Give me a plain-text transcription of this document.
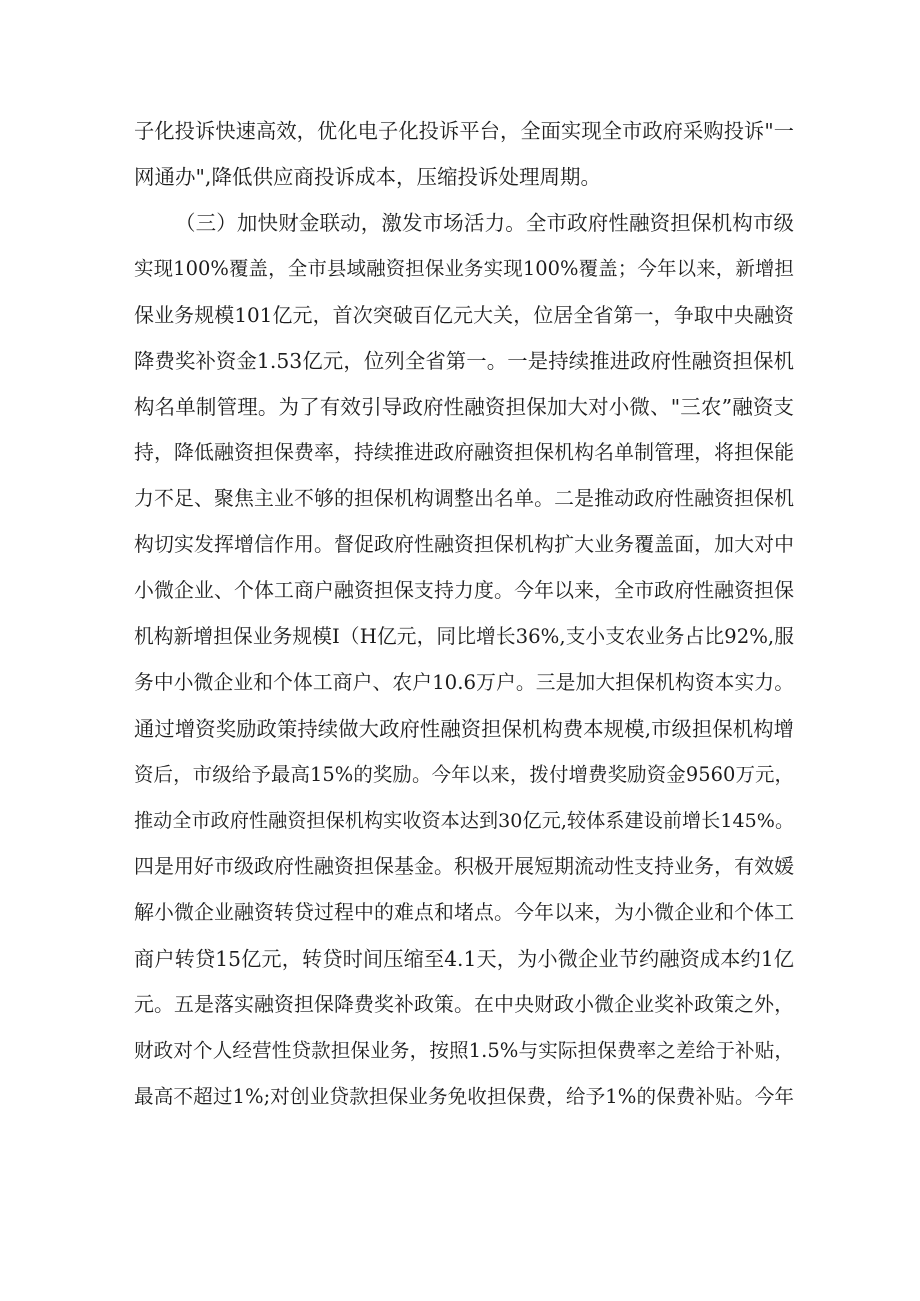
子化投诉快速高效，优化电子化投诉平台，全面实现全市政府采购投诉"一
网通办",降低供应商投诉成本，压缩投诉处理周期。
（三）加快财金联动，激发市场活力。全市政府性融资担保机构市级
实现100%覆盖，全市县域融资担保业务实现100%覆盖；今年以来，新增担
保业务规模101亿元，首次突破百亿元大关，位居全省第一，争取中央融资
降费奖补资金1.53亿元，位列全省第一。一是持续推进政府性融资担保机
构名单制管理。为了有效引导政府性融资担保加大对小微、"三农”融资支
持，降低融资担保费率，持续推进政府融资担保机构名单制管理，将担保能
力不足、聚焦主业不够的担保机构调整出名单。二是推动政府性融资担保机
构切实发挥增信作用。督促政府性融资担保机构扩大业务覆盖面，加大对中
小微企业、个体工商户融资担保支持力度。今年以来，全市政府性融资担保
机构新增担保业务规模I（H亿元，同比增长36%,支小支农业务占比92%,服
务中小微企业和个体工商户、农户10.6万户。三是加大担保机构资本实力。
通过增资奖励政策持续做大政府性融资担保机构费本规模,市级担保机构增
资后，市级给予最高15%的奖励。今年以来，拨付增费奖励资金9560万元，
推动全市政府性融资担保机构实收资本达到30亿元,较体系建设前增长145%。
四是用好市级政府性融资担保基金。积极开展短期流动性支持业务，有效媛
解小微企业融资转贷过程中的难点和堵点。今年以来，为小微企业和个体工
商户转贷15亿元，转贷时间压缩至4.1天，为小微企业节约融资成本约1亿
元。五是落实融资担保降费奖补政策。在中央财政小微企业奖补政策之外，
财政对个人经营性贷款担保业务，按照1.5%与实际担保费率之差给于补贴，
最高不超过1%;对创业贷款担保业务免收担保费，给予1%的保费补贴。今年
